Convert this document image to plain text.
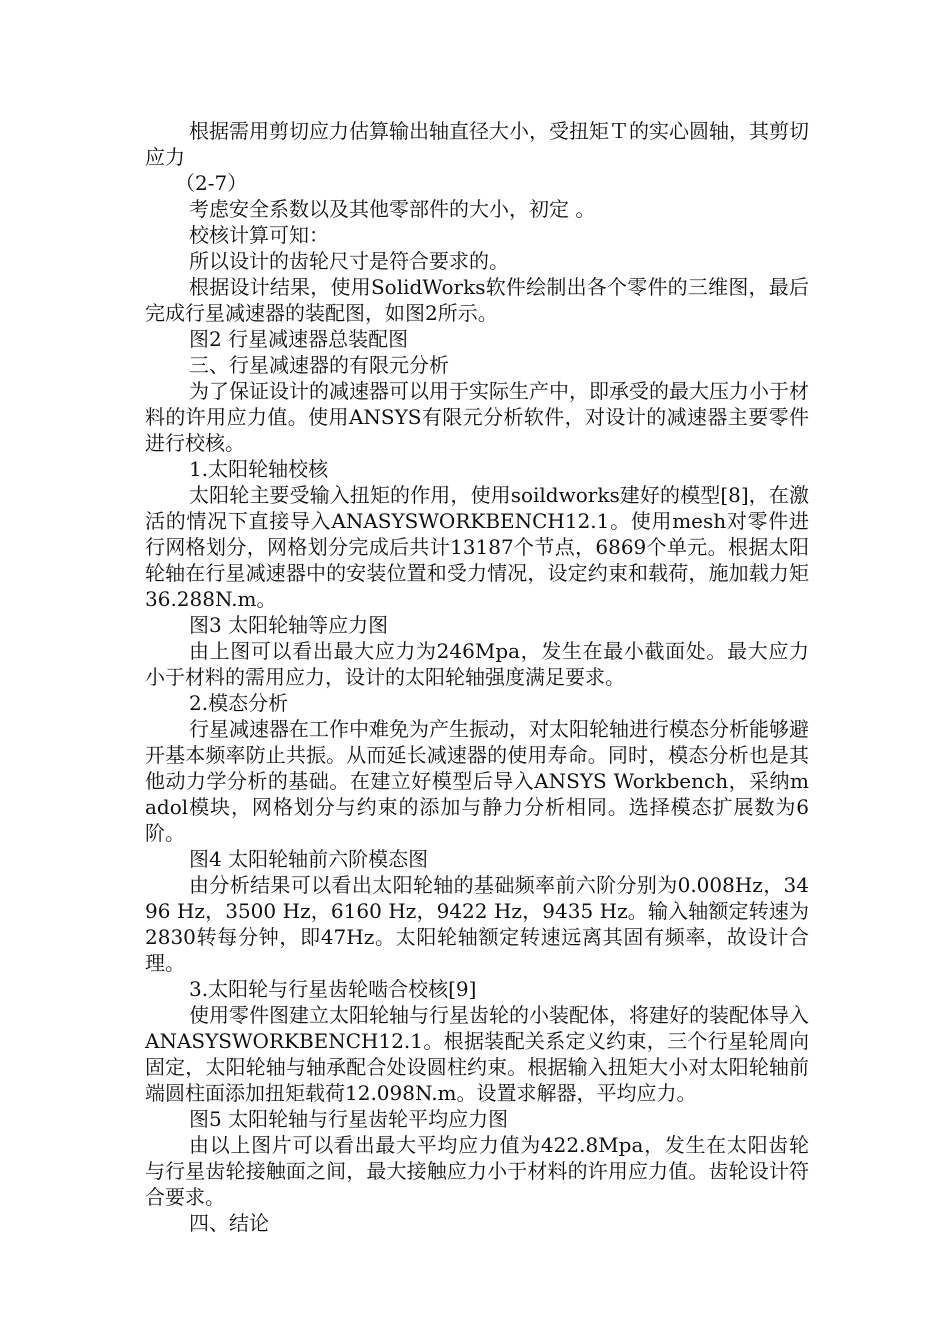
根据需用剪切应力估算输出轴直径大小，受扭矩Ｔ的实心圆轴，其剪切应力

（2-7）

考虑安全系数以及其他零部件的大小，初定 。

校核计算可知：

所以设计的齿轮尺寸是符合要求的。

根据设计结果，使用SolidWorks软件绘制出各个零件的三维图，最后完成行星减速器的装配图，如图2所示。

图2 行星减速器总装配图

三、行星减速器的有限元分析

为了保证设计的减速器可以用于实际生产中，即承受的最大压力小于材料的许用应力值。使用ANSYS有限元分析软件，对设计的减速器主要零件进行校核。

1.太阳轮轴校核

太阳轮主要受输入扭矩的作用，使用soildworks建好的模型[8]，在激活的情况下直接导入ANASYSWORKBENCH12.1。使用mesh对零件进行网格划分，网格划分完成后共计13187个节点，6869个单元。根据太阳轮轴在行星减速器中的安装位置和受力情况，设定约束和载荷，施加载力矩36.288N.m。

图3 太阳轮轴等应力图

由上图可以看出最大应力为246Mpa，发生在最小截面处。最大应力小于材料的需用应力，设计的太阳轮轴强度满足要求。

2.模态分析

行星减速器在工作中难免为产生振动，对太阳轮轴进行模态分析能够避开基本频率防止共振。从而延长减速器的使用寿命。同时，模态分析也是其他动力学分析的基础。在建立好模型后导入ANSYS Workbench，采纳madol模块，网格划分与约束的添加与静力分析相同。选择模态扩展数为6阶。

图4 太阳轮轴前六阶模态图

由分析结果可以看出太阳轮轴的基础频率前六阶分别为0.008Hz，3496 Hz，3500 Hz，6160 Hz，9422 Hz，9435 Hz。输入轴额定转速为2830转每分钟，即47Hz。太阳轮轴额定转速远离其固有频率，故设计合理。

3.太阳轮与行星齿轮啮合校核[9]

使用零件图建立太阳轮轴与行星齿轮的小装配体，将建好的装配体导入ANASYSWORKBENCH12.1。根据装配关系定义约束，三个行星轮周向固定，太阳轮轴与轴承配合处设圆柱约束。根据输入扭矩大小对太阳轮轴前端圆柱面添加扭矩载荷12.098N.m。设置求解器，平均应力。

图5 太阳轮轴与行星齿轮平均应力图

由以上图片可以看出最大平均应力值为422.8Mpa，发生在太阳齿轮与行星齿轮接触面之间，最大接触应力小于材料的许用应力值。齿轮设计符合要求。

四、结论
